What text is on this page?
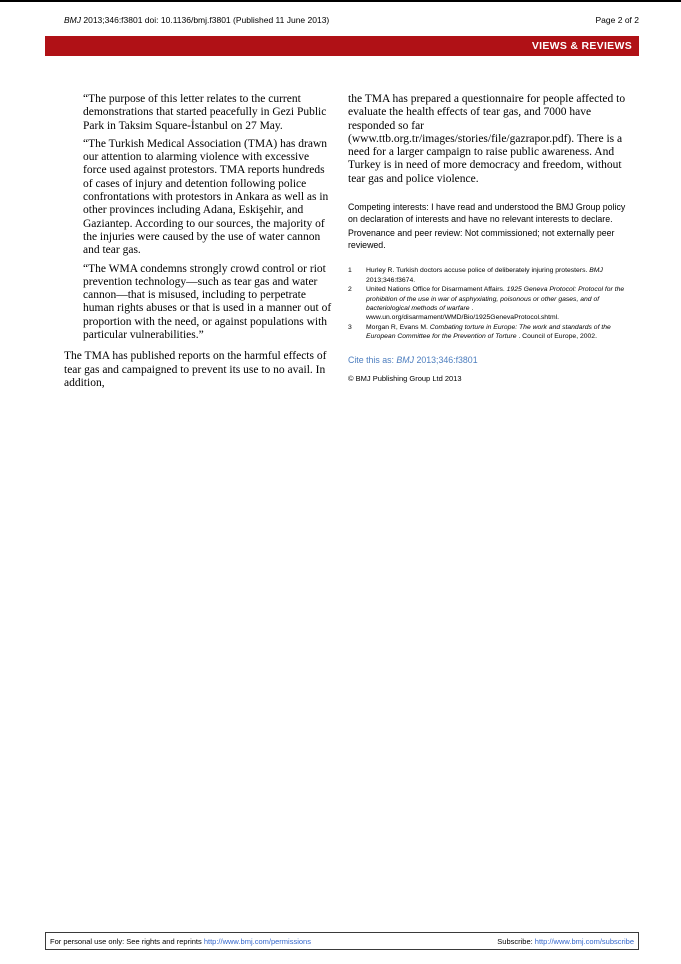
BMJ 2013;346:f3801 doi: 10.1136/bmj.f3801 (Published 11 June 2013)	Page 2 of 2
VIEWS & REVIEWS

“The purpose of this letter relates to the current demonstrations that started peacefully in Gezi Public Park in Taksim Square-İstanbul on 27 May.

“The Turkish Medical Association (TMA) has drawn our attention to alarming violence with excessive force used against protestors. TMA reports hundreds of cases of injury and detention following police confrontations with protestors in Ankara as well as in other provinces including Adana, Eskişehir, and Gaziantep. According to our sources, the majority of the injuries were caused by the use of water cannon and tear gas.

“The WMA condemns strongly crowd control or riot prevention technology—such as tear gas and water cannon—that is misused, including to perpetrate human rights abuses or that is used in a manner out of proportion with the need, or against populations with particular vulnerabilities.”

The TMA has published reports on the harmful effects of tear gas and campaigned to prevent its use to no avail. In addition,

the TMA has prepared a questionnaire for people affected to evaluate the health effects of tear gas, and 7000 have responded so far (www.ttb.org.tr/images/stories/file/gazrapor.pdf). There is a need for a larger campaign to raise public awareness. And Turkey is in need of more democracy and freedom, without tear gas and police violence.

Competing interests: I have read and understood the BMJ Group policy on declaration of interests and have no relevant interests to declare.

Provenance and peer review: Not commissioned; not externally peer reviewed.

1	Hurley R. Turkish doctors accuse police of deliberately injuring protesters. BMJ 2013;346:f3674.
2	United Nations Office for Disarmament Affairs. 1925 Geneva Protocol: Protocol for the prohibition of the use in war of asphyxiating, poisonous or other gases, and of bacteriological methods of warfare . www.un.org/disarmament/WMD/Bio/1925GenevaProtocol.shtml.
3	Morgan R, Evans M. Combating torture in Europe: The work and standards of the European Committee for the Prevention of Torture . Council of Europe, 2002.
Cite this as: BMJ 2013;346:f3801
© BMJ Publishing Group Ltd 2013
For personal use only: See rights and reprints http://www.bmj.com/permissions	Subscribe: http://www.bmj.com/subscribe
